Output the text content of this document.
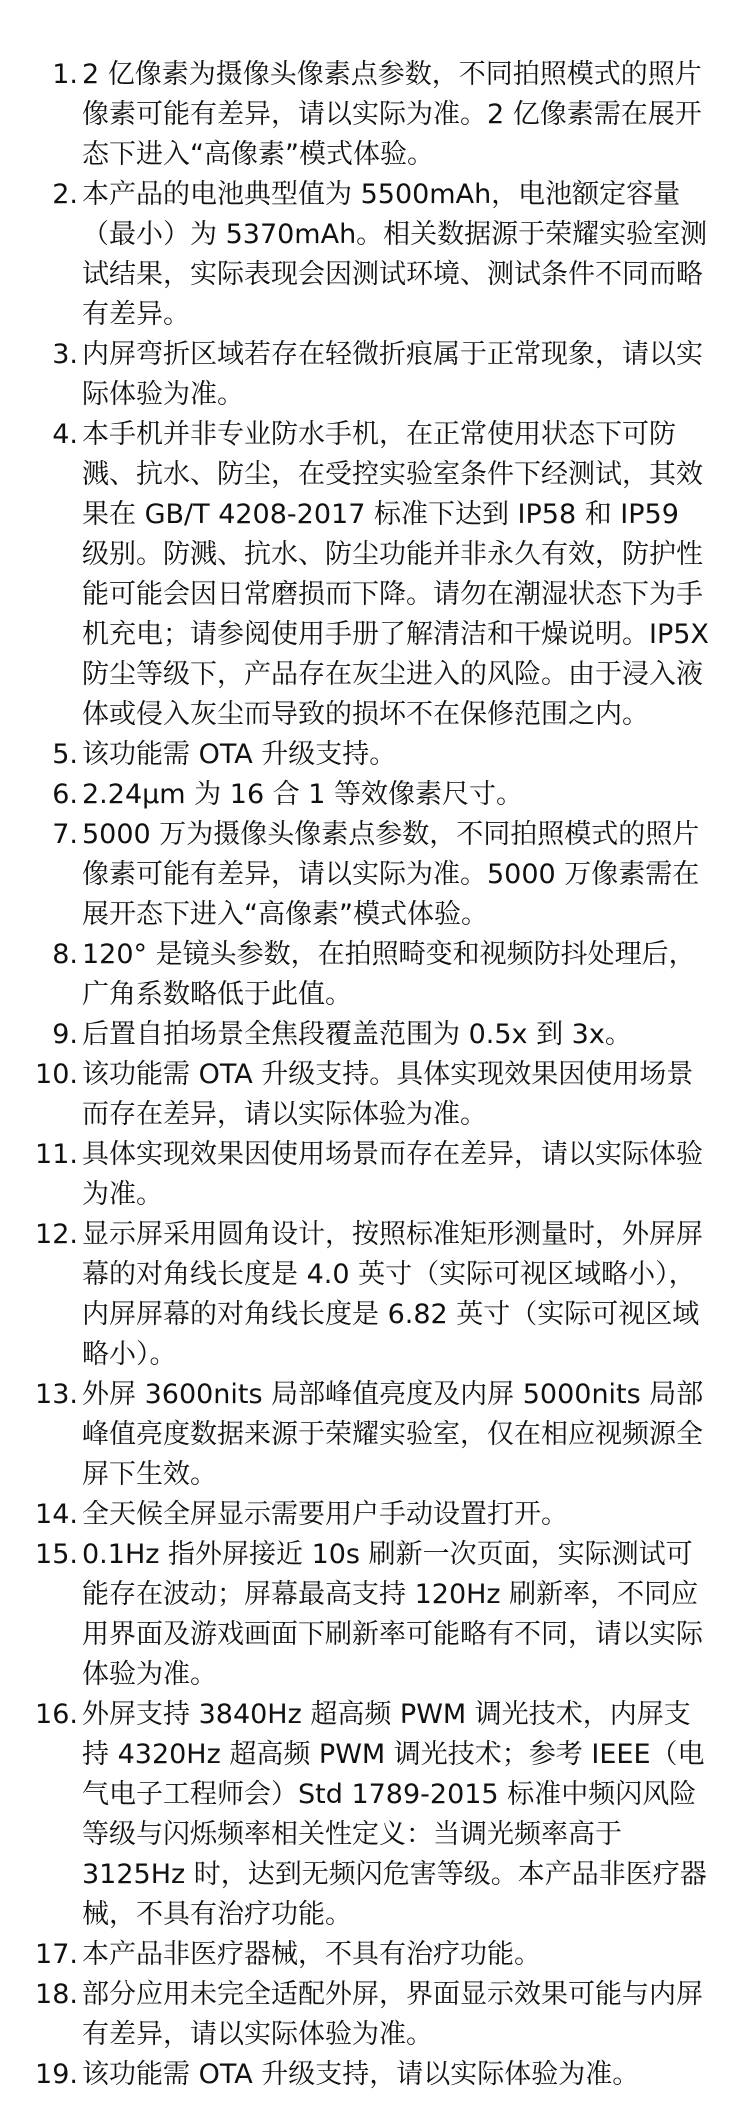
1. 2 亿像素为摄像头像素点参数，不同拍照模式的照片像素可能有差异，请以实际为准。2 亿像素需在展开态下进入“高像素”模式体验。
2. 本产品的电池典型值为 5500mAh，电池额定容量（最小）为 5370mAh。相关数据源于荣耀实验室测试结果，实际表现会因测试环境、测试条件不同而略有差异。
3. 内屏弯折区域若存在轻微折痕属于正常现象，请以实际体验为准。
4. 本手机并非专业防水手机，在正常使用状态下可防溅、抗水、防尘，在受控实验室条件下经测试，其效果在 GB/T 4208-2017 标准下达到 IP58 和 IP59 级别。防溅、抗水、防尘功能并非永久有效，防护性能可能会因日常磨损而下降。请勿在潮湿状态下为手机充电；请参阅使用手册了解清洁和干燥说明。IP5X 防尘等级下，产品存在灰尘进入的风险。由于浸入液体或侵入灰尘而导致的损坏不在保修范围之内。
5. 该功能需 OTA 升级支持。
6. 2.24μm 为 16 合 1 等效像素尺寸。
7. 5000 万为摄像头像素点参数，不同拍照模式的照片像素可能有差异，请以实际为准。5000 万像素需在展开态下进入“高像素”模式体验。
8. 120° 是镜头参数，在拍照畸变和视频防抖处理后，广角系数略低于此值。
9. 后置自拍场景全焦段覆盖范围为 0.5x 到 3x。
10. 该功能需 OTA 升级支持。具体实现效果因使用场景而存在差异，请以实际体验为准。
11. 具体实现效果因使用场景而存在差异，请以实际体验为准。
12. 显示屏采用圆角设计，按照标准矩形测量时，外屏屏幕的对角线长度是 4.0 英寸（实际可视区域略小），内屏屏幕的对角线长度是 6.82 英寸（实际可视区域略小）。
13. 外屏 3600nits 局部峰值亮度及内屏 5000nits 局部峰值亮度数据来源于荣耀实验室，仅在相应视频源全屏下生效。
14. 全天候全屏显示需要用户手动设置打开。
15. 0.1Hz 指外屏接近 10s 刷新一次页面，实际测试可能存在波动；屏幕最高支持 120Hz 刷新率，不同应用界面及游戏画面下刷新率可能略有不同，请以实际体验为准。
16. 外屏支持 3840Hz 超高频 PWM 调光技术，内屏支持 4320Hz 超高频 PWM 调光技术；参考 IEEE（电气电子工程师会）Std 1789-2015 标准中频闪风险等级与闪烁频率相关性定义：当调光频率高于 3125Hz 时，达到无频闪危害等级。本产品非医疗器械，不具有治疗功能。
17. 本产品非医疗器械，不具有治疗功能。
18. 部分应用未完全适配外屏，界面显示效果可能与内屏有差异，请以实际体验为准。
19. 该功能需 OTA 升级支持，请以实际体验为准。
